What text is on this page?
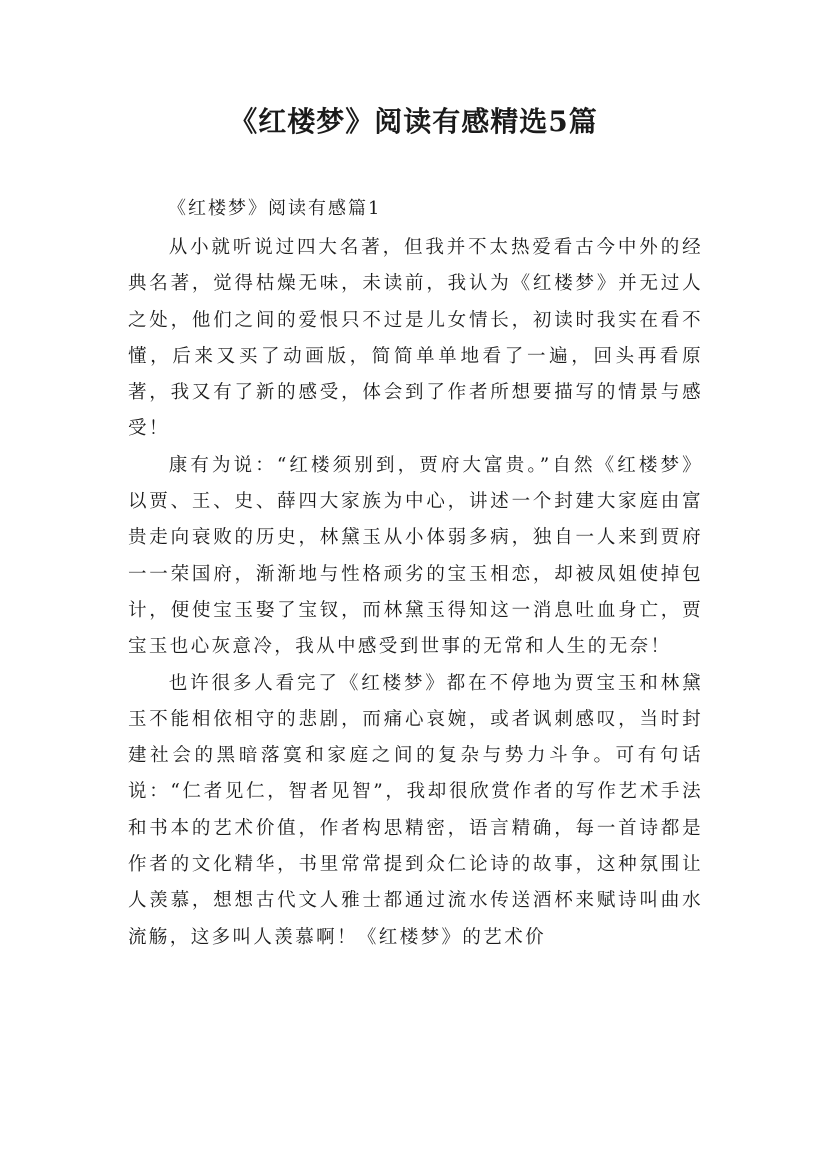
《红楼梦》阅读有感精选5篇
《红楼梦》阅读有感篇1

从小就听说过四大名著，但我并不太热爱看古今中外的经典名著，觉得枯燥无味，未读前，我认为《红楼梦》并无过人之处，他们之间的爱恨只不过是儿女情长，初读时我实在看不懂，后来又买了动画版，简简单单地看了一遍，回头再看原著，我又有了新的感受，体会到了作者所想要描写的情景与感受！

康有为说：“红楼须别到，贾府大富贵。”自然《红楼梦》以贾、王、史、薛四大家族为中心，讲述一个封建大家庭由富贵走向衰败的历史，林黛玉从小体弱多病，独自一人来到贾府一一荣国府，渐渐地与性格顽劣的宝玉相恋，却被凤姐使掉包计，便使宝玉娶了宝钗，而林黛玉得知这一消息吐血身亡，贾宝玉也心灰意冷，我从中感受到世事的无常和人生的无奈！

也许很多人看完了《红楼梦》都在不停地为贾宝玉和林黛玉不能相依相守的悲剧，而痛心哀婉，或者讽刺感叹，当时封建社会的黑暗落寞和家庭之间的复杂与势力斗争。可有句话说：“仁者见仁，智者见智”，我却很欣赏作者的写作艺术手法和书本的艺术价值，作者构思精密，语言精确，每一首诗都是作者的文化精华，书里常常提到众仁论诗的故事，这种氛围让人羡慕，想想古代文人雅士都通过流水传送酒杯来赋诗叫曲水流觞，这多叫人羡慕啊！《红楼梦》的艺术价
